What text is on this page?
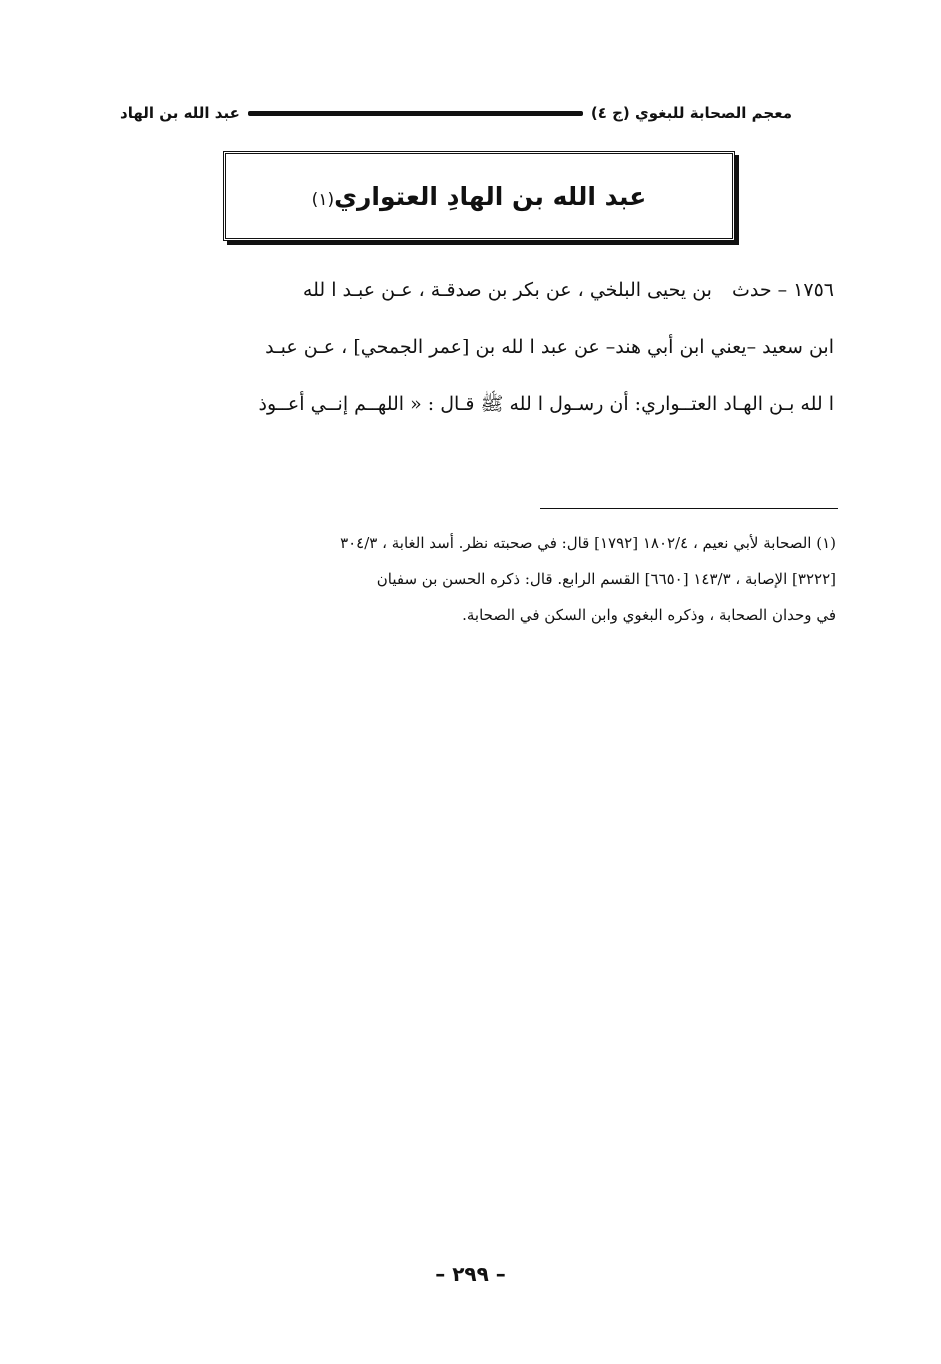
معجم الصحابة للبغوي (ج ٤)
عبد الله بن الهاد
عبد الله بن الهادِ العتواري(١)
١٧٥٦ – حدثبن يحيى البلخي ، عن بكر بن صدقـة ، عـن عبـد ا لله
ابن سعيد –يعني ابن أبي هند– عن عبد ا لله بن [عمر الجمحي] ، عـن عبـد
ا لله بـن الهـاد العتــواري: أن رسـول ا لله ﷺ قـال : « اللهــم إنــي أعــوذ

(١) الصحابة لأبي نعيم ، ١٨٠٢/٤ [١٧٩٢] قال: في صحبته نظر. أسد الغابة ، ٣٠٤/٣

[٣٢٢٢] الإصابة ، ١٤٣/٣ [٦٦٥٠] القسم الرابع. قال: ذكره الحسن بن سفيان

في وحدان الصحابة ، وذكره البغوي وابن السكن في الصحابة.

– ٢٩٩ –
